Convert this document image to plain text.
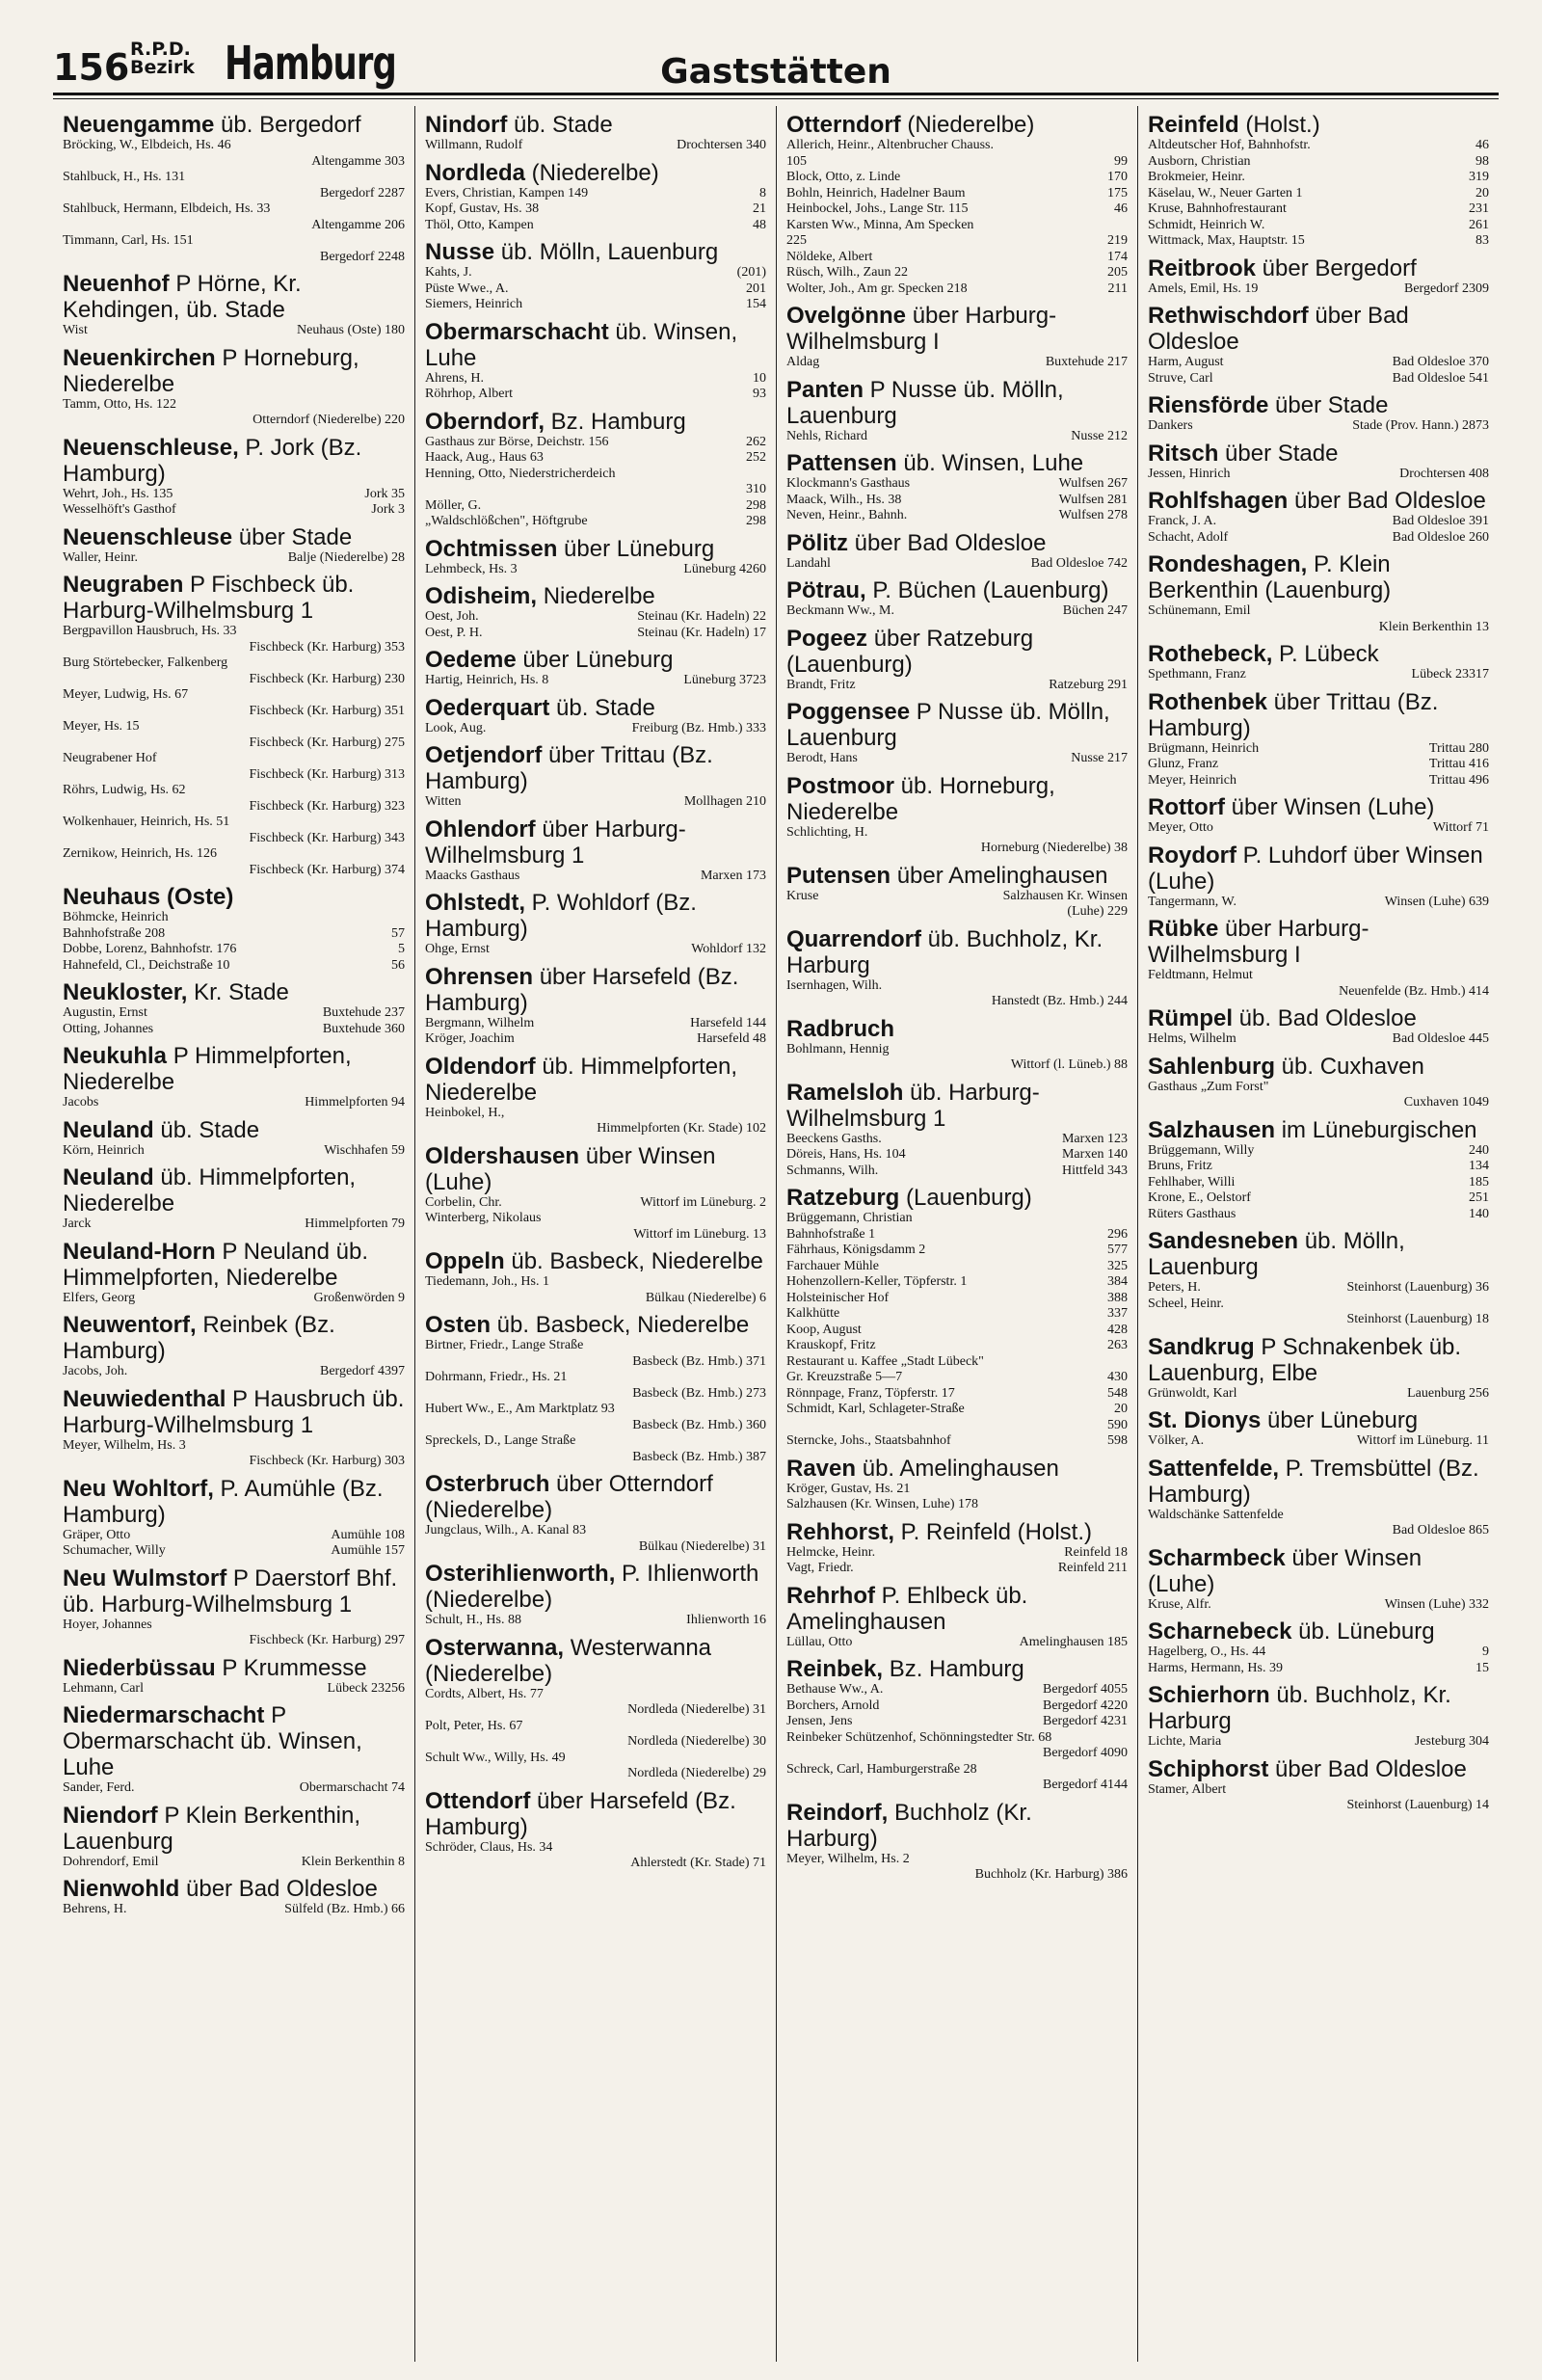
156 R.P.D.
Bezirk Hamburg	Gaststätten
Neuengamme üb. Bergedorf
Bröcking, W., Elbdeich, Hs. 46
Altengamme 303
Stahlbuck, H., Hs. 131
Bergedorf 2287
Stahlbuck, Hermann, Elbdeich, Hs. 33
Altengamme 206
Timmann, Carl, Hs. 151
Bergedorf 2248
Neuenhof P Hörne, Kr. Kehdingen, üb. Stade
Wist	Neuhaus (Oste) 180
Neuenkirchen P Horneburg, Niederelbe
Tamm, Otto, Hs. 122
Otterndorf (Niederelbe) 220
Neuenschleuse, P. Jork (Bz. Hamburg)
Wehrt, Joh., Hs. 135	Jork 35
Wesselhöft's Gasthof	Jork 3
Neuenschleuse über Stade
Waller, Heinr.	Balje (Niederelbe) 28
Neugraben P Fischbeck üb. Harburg-Wilhelmsburg 1
Bergpavillon Hausbruch, Hs. 33
Fischbeck (Kr. Harburg) 353
Burg Störtebecker, Falkenberg
Fischbeck (Kr. Harburg) 230
Meyer, Ludwig, Hs. 67
Fischbeck (Kr. Harburg) 351
Meyer, Hs. 15
Fischbeck (Kr. Harburg) 275
Neugrabener Hof
Fischbeck (Kr. Harburg) 313
Röhrs, Ludwig, Hs. 62
Fischbeck (Kr. Harburg) 323
Wolkenhauer, Heinrich, Hs. 51
Fischbeck (Kr. Harburg) 343
Zernikow, Heinrich, Hs. 126
Fischbeck (Kr. Harburg) 374
Neuhaus (Oste)
Böhmcke, Heinrich
Bahnhofstraße 208	57
Dobbe, Lorenz, Bahnhofstr. 176	5
Hahnefeld, Cl., Deichstraße 10	56
Neukloster, Kr. Stade
Augustin, Ernst	Buxtehude 237
Otting, Johannes	Buxtehude 360
Neukuhla P Himmelpforten, Niederelbe
Jacobs	Himmelpforten 94
Neuland üb. Stade
Körn, Heinrich	Wischhafen 59
Neuland üb. Himmelpforten, Niederelbe
Jarck	Himmelpforten 79
Neuland-Horn P Neuland üb. Himmelpforten, Niederelbe
Elfers, Georg	Großenwörden 9
Neuwentorf, Reinbek (Bz. Hamburg)
Jacobs, Joh.	Bergedorf 4397
Neuwiedenthal P Hausbruch üb. Harburg-Wilhelmsburg 1
Meyer, Wilhelm, Hs. 3
Fischbeck (Kr. Harburg) 303
Neu Wohltorf, P. Aumühle (Bz. Hamburg)
Gräper, Otto	Aumühle 108
Schumacher, Willy	Aumühle 157
Neu Wulmstorf P Daerstorf Bhf. üb. Harburg-Wilhelmsburg 1
Hoyer, Johannes
Fischbeck (Kr. Harburg) 297
Niederbüssau P Krummesse
Lehmann, Carl	Lübeck 23256
Niedermarschacht P Obermarschacht üb. Winsen, Luhe
Sander, Ferd.	Obermarschacht 74
Niendorf P Klein Berkenthin, Lauenburg
Dohrendorf, Emil	Klein Berkenthin 8
Nienwohld über Bad Oldesloe
Behrens, H.	Sülfeld (Bz. Hmb.) 66
Nindorf üb. Stade
Willmann, Rudolf	Drochtersen 340
Nordleda (Niederelbe)
Evers, Christian, Kampen 149	8
Kopf, Gustav, Hs. 38	21
Thöl, Otto, Kampen	48
Nusse üb. Mölln, Lauenburg
Kahts, J.	(201)
Püste Wwe., A.	201
Siemers, Heinrich	154
Obermarschacht üb. Winsen, Luhe
Ahrens, H.	10
Röhrhop, Albert	93
Oberndorf, Bz. Hamburg
Gasthaus zur Börse, Deichstr. 156	262
Haack, Aug., Haus 63	252
Henning, Otto, Niederstricherdeich
310
Möller, G.	298
„Waldschlößchen", Höftgrube	298
Ochtmissen über Lüneburg
Lehmbeck, Hs. 3	Lüneburg 4260
Odisheim, Niederelbe
Oest, Joh.	Steinau (Kr. Hadeln) 22
Oest, P. H.	Steinau (Kr. Hadeln) 17
Oedeme über Lüneburg
Hartig, Heinrich, Hs. 8	Lüneburg 3723
Oederquart üb. Stade
Look, Aug.	Freiburg (Bz. Hmb.) 333
Oetjendorf über Trittau (Bz. Hamburg)
Witten	Mollhagen 210
Ohlendorf über Harburg-Wilhelmsburg 1
Maacks Gasthaus	Marxen 173
Ohlstedt, P. Wohldorf (Bz. Hamburg)
Ohge, Ernst	Wohldorf 132
Ohrensen über Harsefeld (Bz. Hamburg)
Bergmann, Wilhelm	Harsefeld 144
Kröger, Joachim	Harsefeld 48
Oldendorf üb. Himmelpforten, Niederelbe
Heinbokel, H.,
Himmelpforten (Kr. Stade) 102
Oldershausen über Winsen (Luhe)
Corbelin, Chr.	Wittorf im Lüneburg. 2
Winterberg, Nikolaus
Wittorf im Lüneburg. 13
Oppeln üb. Basbeck, Niederelbe
Tiedemann, Joh., Hs. 1
Bülkau (Niederelbe) 6
Osten üb. Basbeck, Niederelbe
Birtner, Friedr., Lange Straße
Basbeck (Bz. Hmb.) 371
Dohrmann, Friedr., Hs. 21
Basbeck (Bz. Hmb.) 273
Hubert Ww., E., Am Marktplatz 93
Basbeck (Bz. Hmb.) 360
Spreckels, D., Lange Straße
Basbeck (Bz. Hmb.) 387
Osterbruch über Otterndorf (Niederelbe)
Jungclaus, Wilh., A. Kanal 83
Bülkau (Niederelbe) 31
Osterihlienworth, P. Ihlienworth (Niederelbe)
Schult, H., Hs. 88	Ihlienworth 16
Osterwanna, Westerwanna (Niederelbe)
Cordts, Albert, Hs. 77
Nordleda (Niederelbe) 31
Polt, Peter, Hs. 67
Nordleda (Niederelbe) 30
Schult Ww., Willy, Hs. 49
Nordleda (Niederelbe) 29
Ottendorf über Harsefeld (Bz. Hamburg)
Schröder, Claus, Hs. 34
Ahlerstedt (Kr. Stade) 71
Otterndorf (Niederelbe)
Allerich, Heinr., Altenbrucher Chauss.
105	99
Block, Otto, z. Linde	170
Bohln, Heinrich, Hadelner Baum	175
Heinbockel, Johs., Lange Str. 115	46
Karsten Ww., Minna, Am Specken
225	219
Nöldeke, Albert	174
Rüsch, Wilh., Zaun 22	205
Wolter, Joh., Am gr. Specken 218	211
Ovelgönne über Harburg-Wilhelmsburg I
Aldag	Buxtehude 217
Panten P Nusse üb. Mölln, Lauenburg
Nehls, Richard	Nusse 212
Pattensen üb. Winsen, Luhe
Klockmann's Gasthaus	Wulfsen 267
Maack, Wilh., Hs. 38	Wulfsen 281
Neven, Heinr., Bahnh.	Wulfsen 278
Pölitz über Bad Oldesloe
Landahl	Bad Oldesloe 742
Pötrau, P. Büchen (Lauenburg)
Beckmann Ww., M.	Büchen 247
Pogeez über Ratzeburg (Lauenburg)
Brandt, Fritz	Ratzeburg 291
Poggensee P Nusse üb. Mölln, Lauenburg
Berodt, Hans	Nusse 217
Postmoor üb. Horneburg, Niederelbe
Schlichting, H.
Horneburg (Niederelbe) 38
Putensen über Amelinghausen
Kruse	Salzhausen Kr. Winsen
(Luhe) 229
Quarrendorf üb. Buchholz, Kr. Harburg
Isernhagen, Wilh.
Hanstedt (Bz. Hmb.) 244
Radbruch
Bohlmann, Hennig
Wittorf (l. Lüneb.) 88
Ramelsloh üb. Harburg-Wilhelmsburg 1
Beeckens Gasths.	Marxen 123
Döreis, Hans, Hs. 104	Marxen 140
Schmanns, Wilh.	Hittfeld 343
Ratzeburg (Lauenburg)
Brüggemann, Christian
Bahnhofstraße 1	296
Fährhaus, Königsdamm 2	577
Farchauer Mühle	325
Hohenzollern-Keller, Töpferstr. 1	384
Holsteinischer Hof	388
Kalkhütte	337
Koop, August	428
Krauskopf, Fritz	263
Restaurant u. Kaffee „Stadt Lübeck"
Gr. Kreuzstraße 5—7	430
Rönnpage, Franz, Töpferstr. 17	548
Schmidt, Karl, Schlageter-Straße	20
590
Sterncke, Johs., Staatsbahnhof	598
Raven üb. Amelinghausen
Kröger, Gustav, Hs. 21
Salzhausen (Kr. Winsen, Luhe) 178
Rehhorst, P. Reinfeld (Holst.)
Helmcke, Heinr.	Reinfeld 18
Vagt, Friedr.	Reinfeld 211
Rehrhof P. Ehlbeck üb. Amelinghausen
Lüllau, Otto	Amelinghausen 185
Reinbek, Bz. Hamburg
Bethause Ww., A.	Bergedorf 4055
Borchers, Arnold	Bergedorf 4220
Jensen, Jens	Bergedorf 4231
Reinbeker Schützenhof, Schönningstedter Str. 68
Bergedorf 4090
Schreck, Carl, Hamburgerstraße 28
Bergedorf 4144
Reindorf, Buchholz (Kr. Harburg)
Meyer, Wilhelm, Hs. 2
Buchholz (Kr. Harburg) 386
Reinfeld (Holst.)
Altdeutscher Hof, Bahnhofstr.	46
Ausborn, Christian	98
Brokmeier, Heinr.	319
Käselau, W., Neuer Garten 1	20
Kruse, Bahnhofrestaurant	231
Schmidt, Heinrich W.	261
Wittmack, Max, Hauptstr. 15	83
Reitbrook über Bergedorf
Amels, Emil, Hs. 19	Bergedorf 2309
Rethwischdorf über Bad Oldesloe
Harm, August	Bad Oldesloe 370
Struve, Carl	Bad Oldesloe 541
Riensförde über Stade
Dankers	Stade (Prov. Hann.) 2873
Ritsch über Stade
Jessen, Hinrich	Drochtersen 408
Rohlfshagen über Bad Oldesloe
Franck, J. A.	Bad Oldesloe 391
Schacht, Adolf	Bad Oldesloe 260
Rondeshagen, P. Klein Berkenthin (Lauenburg)
Schünemann, Emil
Klein Berkenthin 13
Rothebeck, P. Lübeck
Spethmann, Franz	Lübeck 23317
Rothenbek über Trittau (Bz. Hamburg)
Brügmann, Heinrich	Trittau 280
Glunz, Franz	Trittau 416
Meyer, Heinrich	Trittau 496
Rottorf über Winsen (Luhe)
Meyer, Otto	Wittorf 71
Roydorf P. Luhdorf über Winsen (Luhe)
Tangermann, W.	Winsen (Luhe) 639
Rübke über Harburg-Wilhelmsburg I
Feldtmann, Helmut
Neuenfelde (Bz. Hmb.) 414
Rümpel üb. Bad Oldesloe
Helms, Wilhelm	Bad Oldesloe 445
Sahlenburg üb. Cuxhaven
Gasthaus „Zum Forst"
Cuxhaven 1049
Salzhausen im Lüneburgischen
Brüggemann, Willy	240
Bruns, Fritz	134
Fehlhaber, Willi	185
Krone, E., Oelstorf	251
Rüters Gasthaus	140
Sandesneben üb. Mölln, Lauenburg
Peters, H.	Steinhorst (Lauenburg) 36
Scheel, Heinr.
Steinhorst (Lauenburg) 18
Sandkrug P Schnakenbek üb. Lauenburg, Elbe
Grünwoldt, Karl	Lauenburg 256
St. Dionys über Lüneburg
Völker, A.	Wittorf im Lüneburg. 11
Sattenfelde, P. Tremsbüttel (Bz. Hamburg)
Waldschänke Sattenfelde
Bad Oldesloe 865
Scharmbeck über Winsen (Luhe)
Kruse, Alfr.	Winsen (Luhe) 332
Scharnebeck üb. Lüneburg
Hagelberg, O., Hs. 44	9
Harms, Hermann, Hs. 39	15
Schierhorn üb. Buchholz, Kr. Harburg
Lichte, Maria	Jesteburg 304
Schiphorst über Bad Oldesloe
Stamer, Albert
Steinhorst (Lauenburg) 14
